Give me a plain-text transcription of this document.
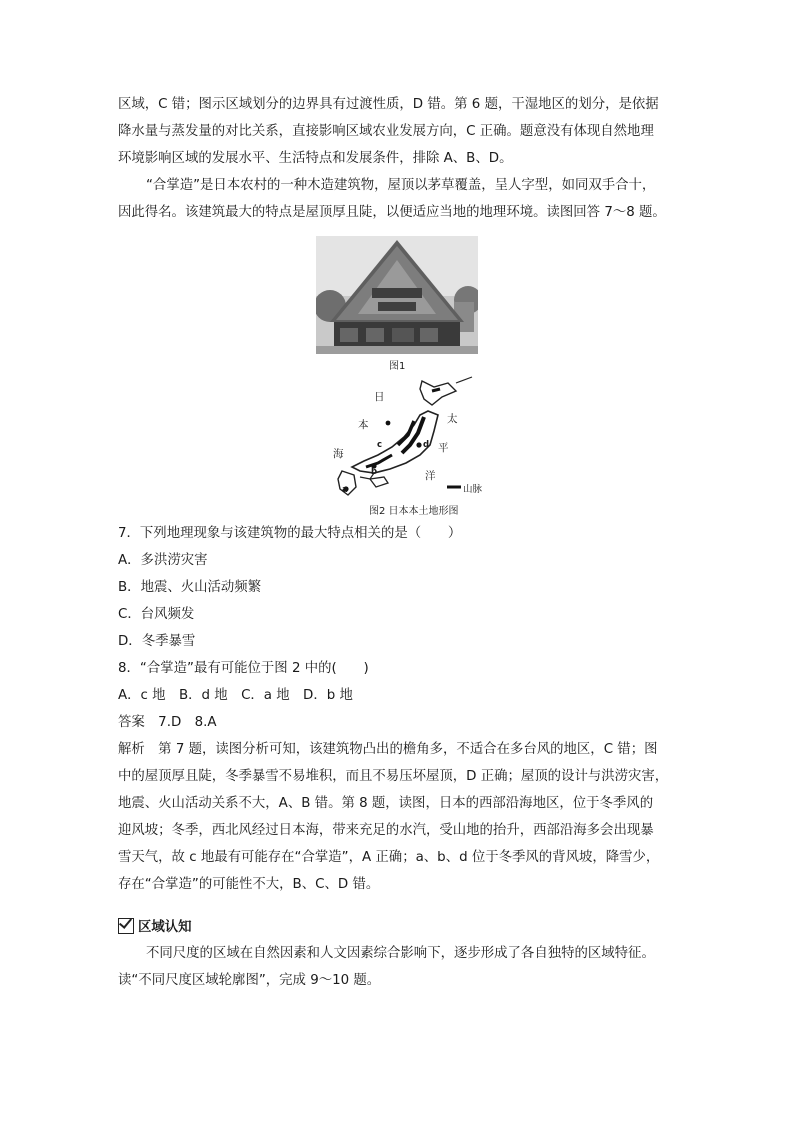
区域，C 错；图示区域划分的边界具有过渡性质，D 错。第 6 题，干湿地区的划分，是依据
降水量与蒸发量的对比关系，直接影响区域农业发展方向，C 正确。题意没有体现自然地理
环境影响区域的发展水平、生活特点和发展条件，排除 A、B、D。
“合掌造”是日本农村的一种木造建筑物，屋顶以茅草覆盖，呈人字型，如同双手合十，
因此得名。该建筑最大的特点是屋顶厚且陡，以便适应当地的地理环境。读图回答 7～8 题。
图1
日
本
海
太
平
洋
a
b
c	d
山脉
图2 日本本土地形图
7．下列地理现象与该建筑物的最大特点相关的是（　　）
A．多洪涝灾害
B．地震、火山活动频繁
C．台风频发
D．冬季暴雪
8．“合掌造”最有可能位于图 2 中的(　　)
A．c 地　B．d 地　C．a 地　D．b 地
答案　7.D　8.A
解析　第 7 题，读图分析可知，该建筑物凸出的檐角多，不适合在多台风的地区，C 错；图
中的屋顶厚且陡，冬季暴雪不易堆积，而且不易压坏屋顶，D 正确；屋顶的设计与洪涝灾害，
地震、火山活动关系不大，A、B 错。第 8 题，读图，日本的西部沿海地区，位于冬季风的
迎风坡；冬季，西北风经过日本海，带来充足的水汽，受山地的抬升，西部沿海多会出现暴
雪天气，故 c 地最有可能存在“合掌造”，A 正确；a、b、d 位于冬季风的背风坡，降雪少，
存在“合掌造”的可能性不大，B、C、D 错。
区域认知
不同尺度的区域在自然因素和人文因素综合影响下，逐步形成了各自独特的区域特征。
读“不同尺度区域轮廓图”，完成 9～10 题。
